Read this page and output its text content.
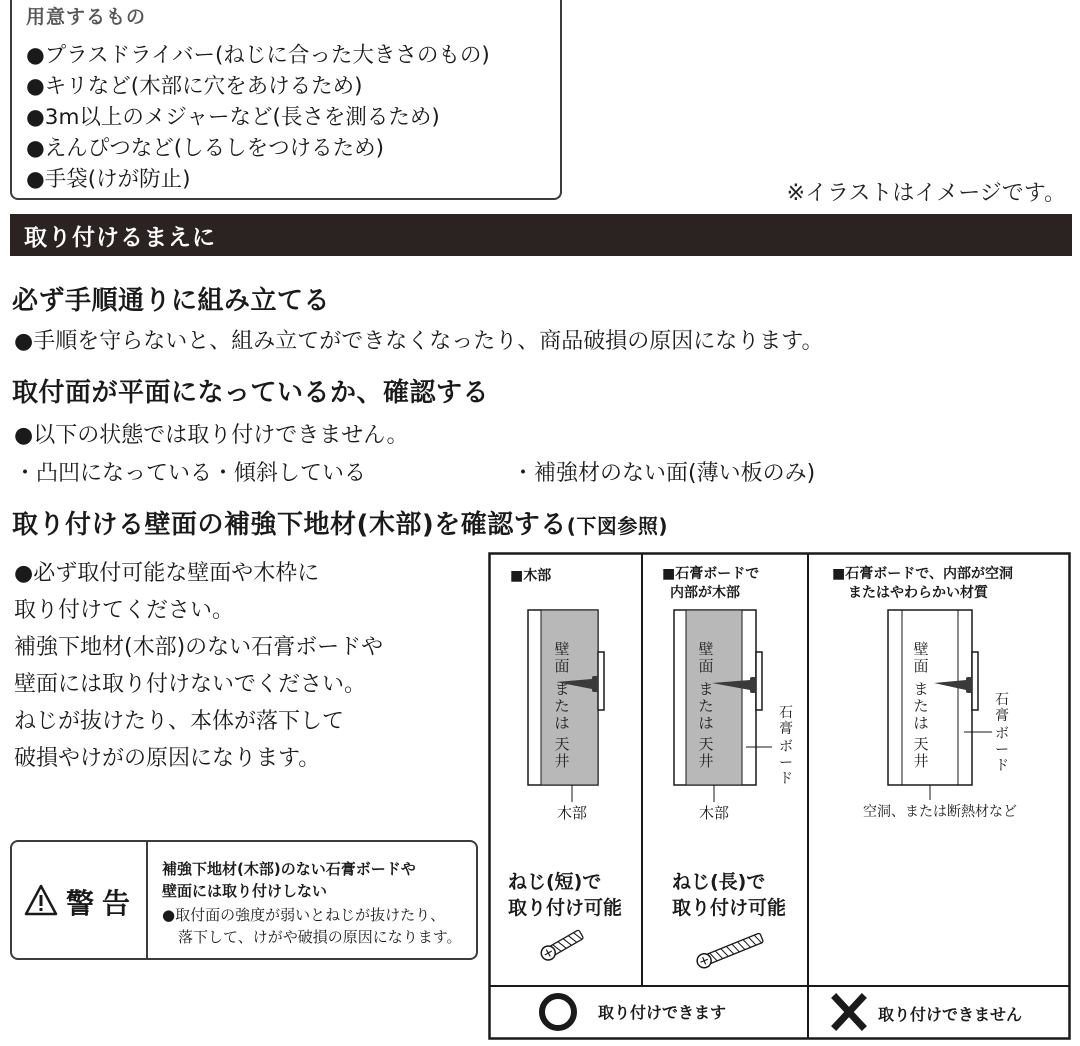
用意するもの
●プラスドライバー(ねじに合った大きさのもの)
●キリなど(木部に穴をあけるため)
●3m以上のメジャーなど(長さを測るため)
●えんぴつなど(しるしをつけるため)
●手袋(けが防止)
※イラストはイメージです。
取り付けるまえに
必ず手順通りに組み立てる
●手順を守らないと、組み立てができなくなったり、商品破損の原因になります。
取付面が平面になっているか、確認する
●以下の状態では取り付けできません。
・凸凹になっている・傾斜している	・補強材のない面(薄い板のみ)
取り付ける壁面の補強下地材(木部)を確認する(下図参照)
●必ず取付可能な壁面や木枠に
取り付けてください。
補強下地材(木部)のない石膏ボードや
壁面には取り付けないでください。
ねじが抜けたり、本体が落下して
破損やけがの原因になります。
警告
補強下地材(木部)のない石膏ボードや
壁面には取り付けしない
●取付面の強度が弱いとねじが抜けたり、
落下して、けがや破損の原因になります。
■木部
壁
面
ま
た
は
天
井
木部
ねじ(短)で
取り付け可能
■石膏ボードで
内部が木部
壁
面
ま
た
は
天
井
石
膏
ボ
ー
ド
木部
ねじ(長)で
取り付け可能
■石膏ボードで、内部が空洞
またはやわらかい材質
壁
面
ま
た
は
天
井
石
膏
ボ
ー
ド
空洞、または断熱材など
取り付けできます	取り付けできません
